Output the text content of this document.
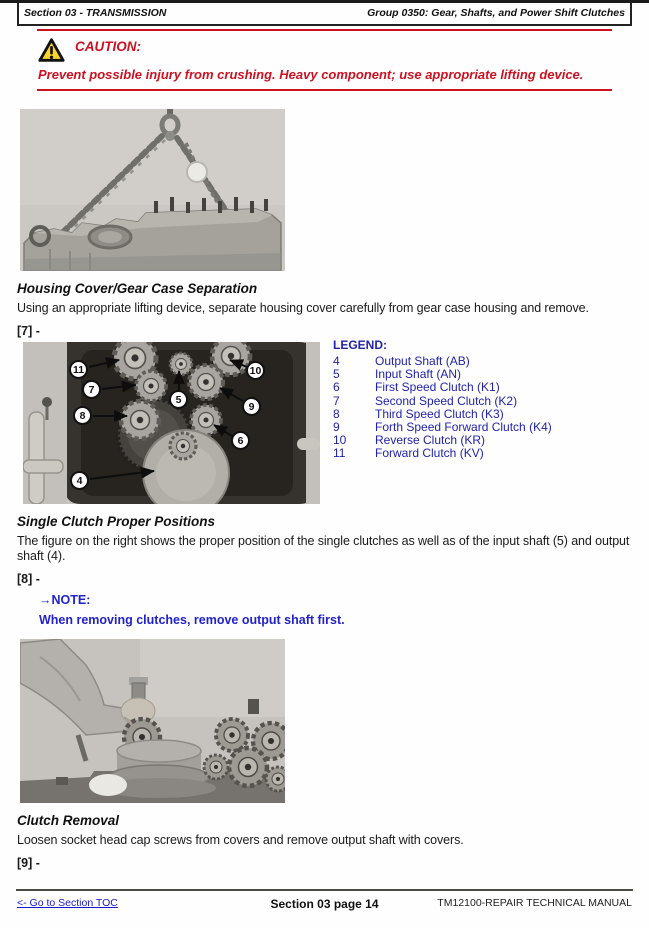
Section 03 - TRANSMISSION	Group 0350: Gear, Shafts, and Power Shift Clutches
CAUTION:
Prevent possible injury from crushing. Heavy component; use appropriate lifting device.
Housing Cover/Gear Case Separation

Using an appropriate lifting device, separate housing cover carefully from gear case housing and remove.

[7] -

11
7
8
4
5
6
9
10
LEGEND:
4	Output Shaft (AB)
5	Input Shaft (AN)
6	First Speed Clutch (K1)
7	Second Speed Clutch (K2)
8	Third Speed Clutch (K3)
9	Forth Speed Forward Clutch (K4)
10	Reverse Clutch (KR)
11	Forward Clutch (KV)
Single Clutch Proper Positions

The figure on the right shows the proper position of the single clutches as well as of the input shaft (5) and output shaft (4).

[8] -

→NOTE:
When removing clutches, remove output shaft first.
Clutch Removal

Loosen socket head cap screws from covers and remove output shaft with covers.

[9] -

<- Go to Section TOC	Section 03 page 14	TM12100-REPAIR TECHNICAL MANUAL
